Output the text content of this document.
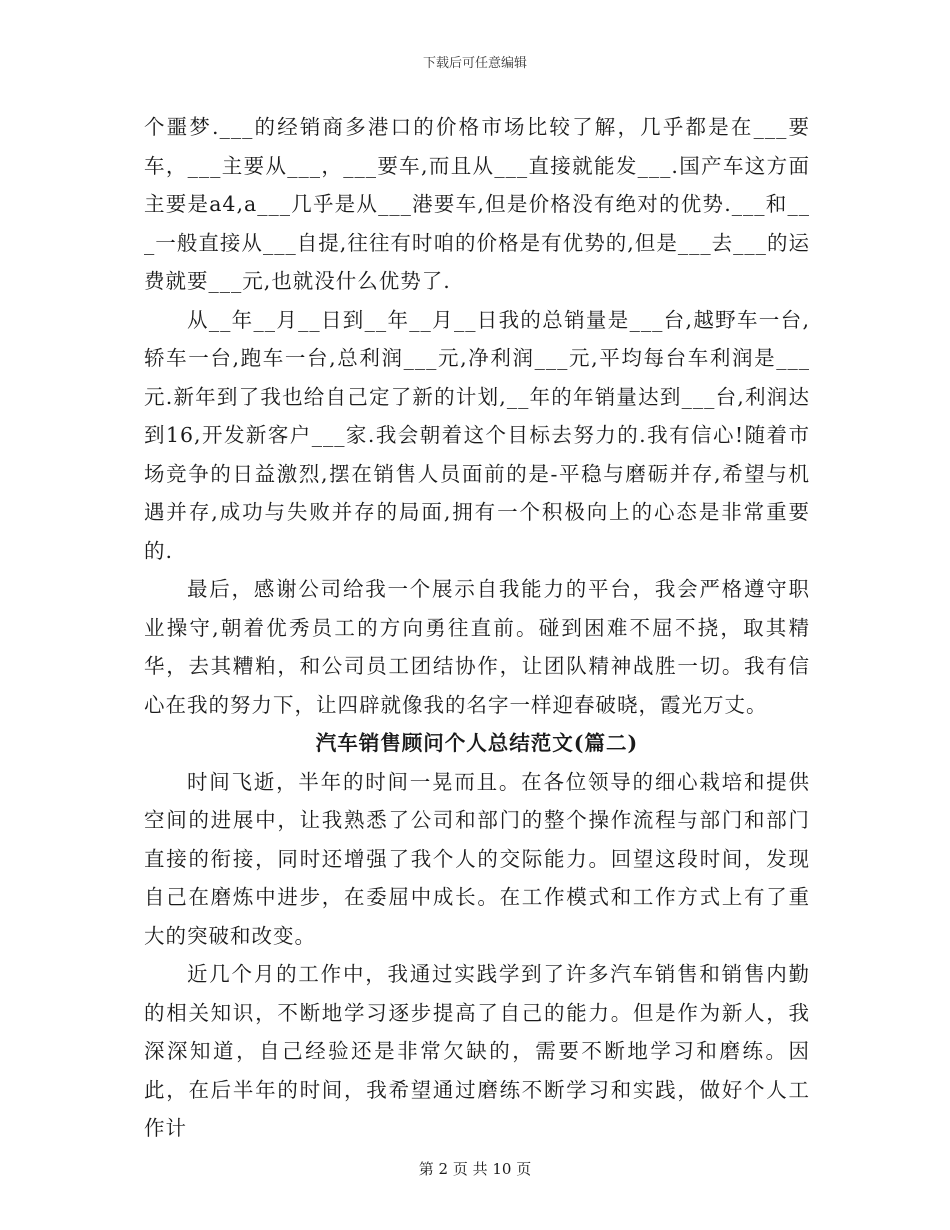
下载后可任意编辑

个噩梦.___的经销商多港口的价格市场比较了解，几乎都是在___要车，___主要从___，___要车,而且从___直接就能发___.国产车这方面主要是a4,a___几乎是从___港要车,但是价格没有绝对的优势.___和___一般直接从___自提,往往有时咱的价格是有优势的,但是___去___的运费就要___元,也就没什么优势了.

从__年__月__日到__年__月__日我的总销量是___台,越野车一台,轿车一台,跑车一台,总利润___元,净利润___元,平均每台车利润是___元.新年到了我也给自己定了新的计划,__年的年销量达到___台,利润达到16,开发新客户___家.我会朝着这个目标去努力的.我有信心!随着市场竞争的日益激烈,摆在销售人员面前的是-平稳与磨砺并存,希望与机遇并存,成功与失败并存的局面,拥有一个积极向上的心态是非常重要的.

最后，感谢公司给我一个展示自我能力的平台，我会严格遵守职业操守,朝着优秀员工的方向勇往直前。碰到困难不屈不挠，取其精华，去其糟粕，和公司员工团结协作，让团队精神战胜一切。我有信心在我的努力下，让四辟就像我的名字一样迎春破晓，霞光万丈。

汽车销售顾问个人总结范文(篇二)

时间飞逝，半年的时间一晃而且。在各位领导的细心栽培和提供空间的进展中，让我熟悉了公司和部门的整个操作流程与部门和部门直接的衔接，同时还增强了我个人的交际能力。回望这段时间，发现自己在磨炼中进步，在委屈中成长。在工作模式和工作方式上有了重大的突破和改变。

近几个月的工作中，我通过实践学到了许多汽车销售和销售内勤的相关知识，不断地学习逐步提高了自己的能力。但是作为新人，我深深知道，自己经验还是非常欠缺的，需要不断地学习和磨练。因此，在后半年的时间，我希望通过磨练不断学习和实践，做好个人工作计

第 2 页 共 10 页
